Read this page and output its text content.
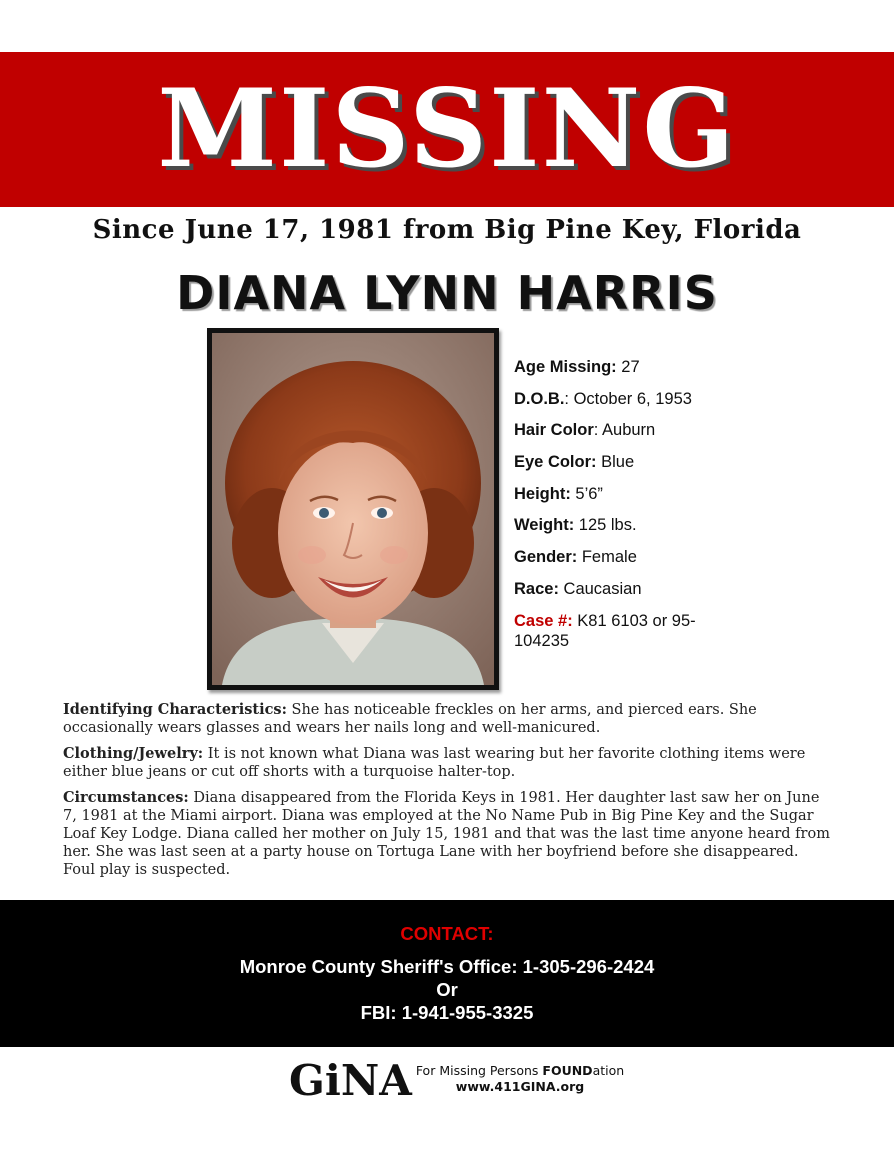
MISSING
Since June 17, 1981 from Big Pine Key, Florida
DIANA LYNN HARRIS

Age Missing: 27

D.O.B.: October 6, 1953

Hair Color: Auburn

Eye Color: Blue

Height: 5’6”

Weight: 125 lbs.

Gender: Female

Race: Caucasian

Case #: K81 6103 or 95-104235

Identifying Characteristics: She has noticeable freckles on her arms, and pierced ears. She occasionally wears glasses and wears her nails long and well-manicured.

Clothing/Jewelry: It is not known what Diana was last wearing but her favorite clothing items were either blue jeans or cut off shorts with a turquoise halter-top.

Circumstances: Diana disappeared from the Florida Keys in 1981. Her daughter last saw her on June 7, 1981 at the Miami airport. Diana was employed at the No Name Pub in Big Pine Key and the Sugar Loaf Key Lodge. Diana called her mother on July 15, 1981 and that was the last time anyone heard from her. She was last seen at a party house on Tortuga Lane with her boyfriend before she disappeared. Foul play is suspected.

CONTACT:
Monroe County Sheriff's Office: 1-305-296-2424
Or
FBI: 1-941-955-3325
GiNA For Missing Persons FOUNDation
www.411GINA.org
